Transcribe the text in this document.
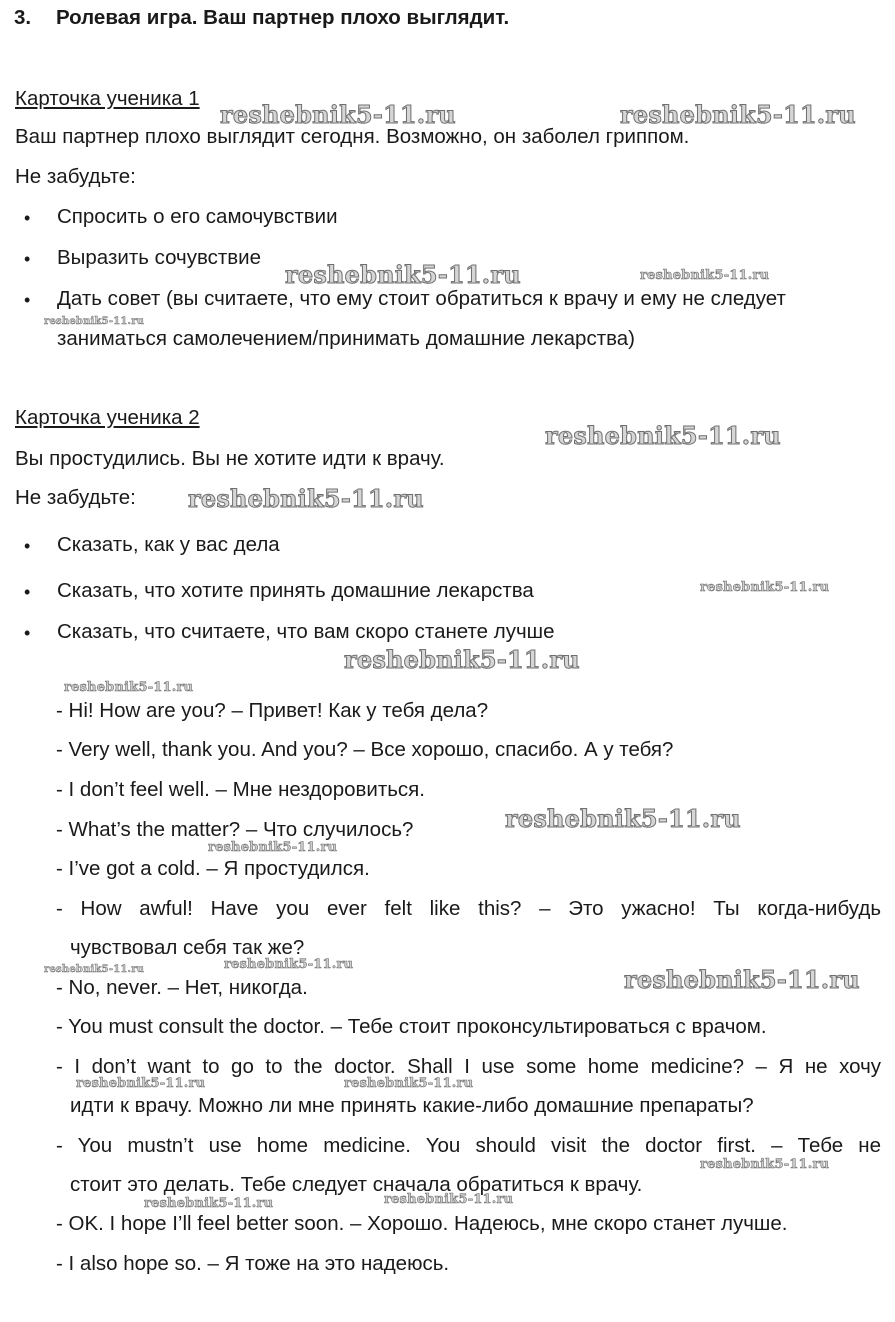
3. Ролевая игра. Ваш партнер плохо выглядит.
Карточка ученика 1
Ваш партнер плохо выглядит сегодня. Возможно, он заболел гриппом.
Не забудьте:
• Спросить о его самочувствии
• Выразить сочувствие
• Дать совет (вы считаете, что ему стоит обратиться к врачу и ему не следует
заниматься самолечением/принимать домашние лекарства)
Карточка ученика 2
Вы простудились. Вы не хотите идти к врачу.
Не забудьте:
• Сказать, как у вас дела
• Сказать, что хотите принять домашние лекарства
• Сказать, что считаете, что вам скоро станете лучше
- Hi! How are you? – Привет! Как у тебя дела?
- Very well, thank you. And you? – Все хорошо, спасибо. А у тебя?
- I don’t feel well. – Мне нездоровиться.
- What’s the matter? – Что случилось?
- I’ve got a cold. – Я простудился.
- How awful! Have you ever felt like this? – Это ужасно! Ты когда-нибудь
чувствовал себя так же?
- No, never. – Нет, никогда.
- You must consult the doctor. – Тебе стоит проконсультироваться с врачом.
- I don’t want to go to the doctor. Shall I use some home medicine? – Я не хочу
идти к врачу. Можно ли мне принять какие-либо домашние препараты?
- You mustn’t use home medicine. You should visit the doctor first. – Тебе не
стоит это делать. Тебе следует сначала обратиться к врачу.
- OK. I hope I’ll feel better soon. – Хорошо. Надеюсь, мне скоро станет лучше.
- I also hope so. – Я тоже на это надеюсь.
reshebnik5-11.ru	reshebnik5-11.ru
reshebnik5-11.ru	reshebnik5-11.ru
reshebnik5-11.ru
reshebnik5-11.ru
reshebnik5-11.ru
reshebnik5-11.ru
reshebnik5-11.ru
reshebnik5-11.ru
reshebnik5-11.ru
reshebnik5-11.ru
reshebnik5-11.ru
reshebnik5-11.ru	reshebnik5-11.ru
reshebnik5-11.ru	reshebnik5-11.ru
reshebnik5-11.ru
reshebnik5-11.ru	reshebnik5-11.ru
